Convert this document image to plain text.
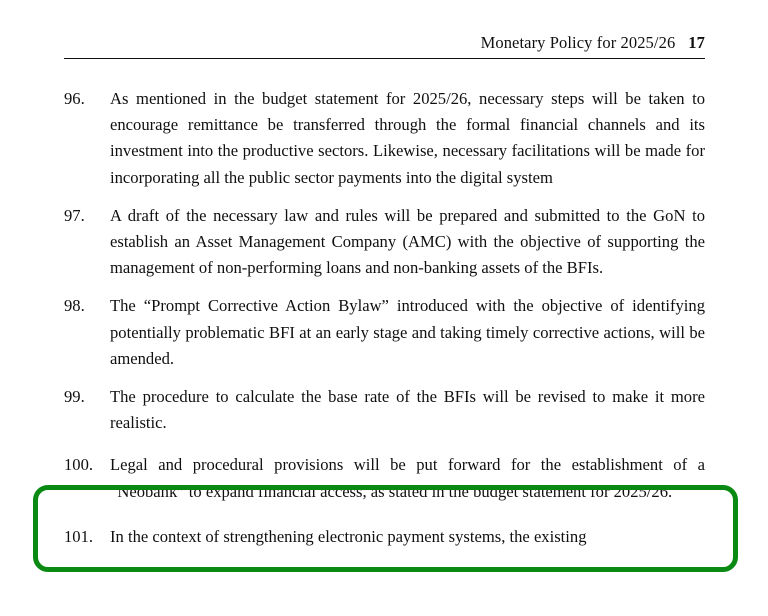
Monetary Policy for 2025/26 17
96.	As mentioned in the budget statement for 2025/26, necessary steps will be taken to encourage remittance be transferred through the formal financial channels and its investment into the productive sectors. Likewise, necessary facilitations will be made for incorporating all the public sector payments into the digital system
97.	A draft of the necessary law and rules will be prepared and submitted to the GoN to establish an Asset Management Company (AMC) with the objective of supporting the management of non-performing loans and non-banking assets of the BFIs.
98.	The “Prompt Corrective Action Bylaw” introduced with the objective of identifying potentially problematic BFI at an early stage and taking timely corrective actions, will be amended.
99.	The procedure to calculate the base rate of the BFIs will be revised to make it more realistic.
100.	Legal and procedural provisions will be put forward for the establishment of a “Neobank” to expand financial access, as stated in the budget statement for 2025/26.
101.	In the context of strengthening electronic payment systems, the existing
